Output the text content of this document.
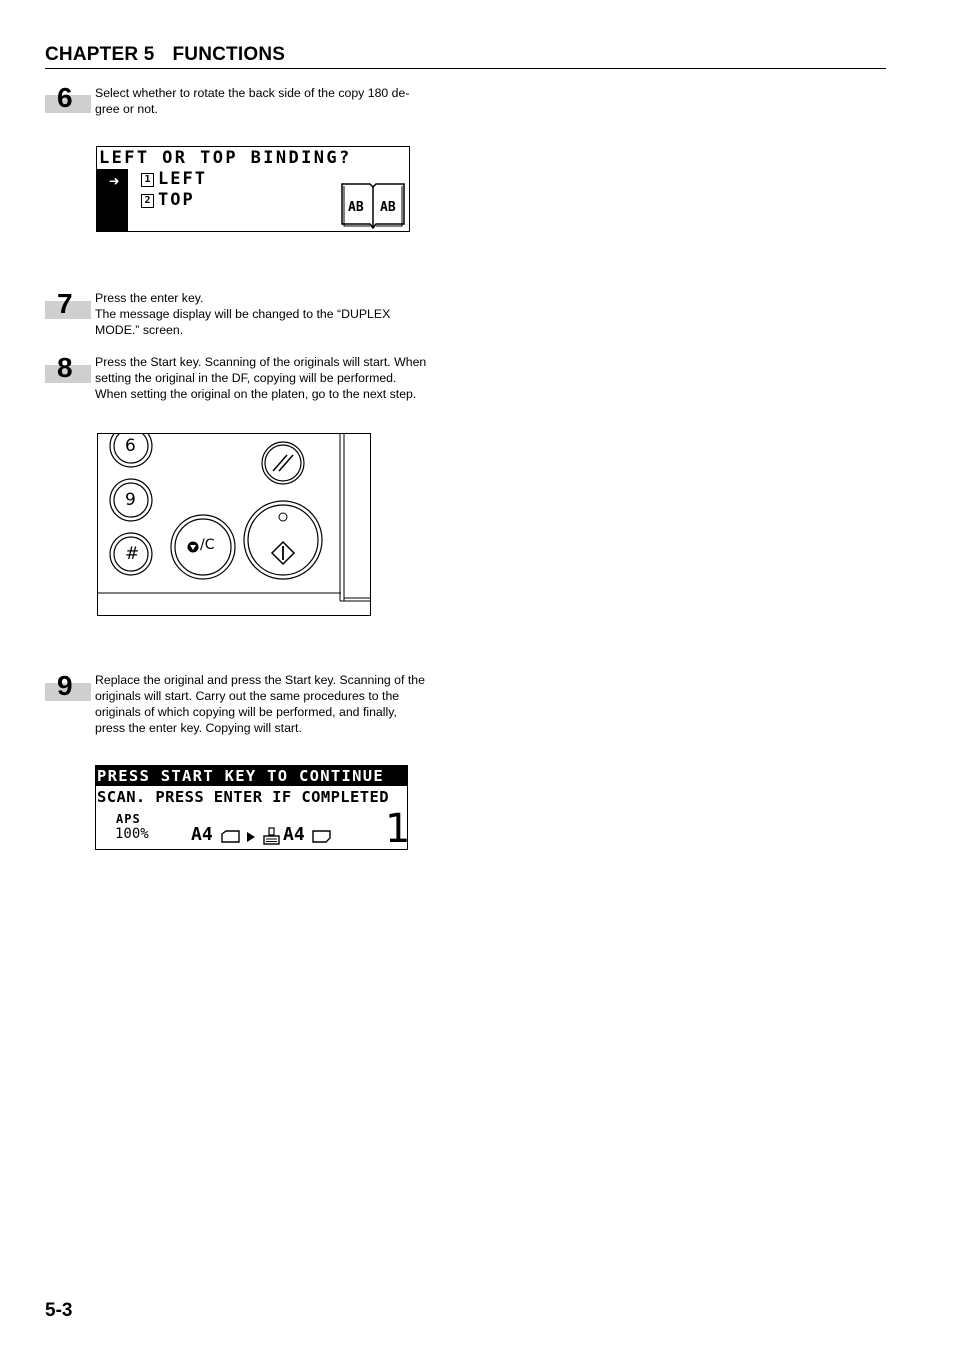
CHAPTER 5 FUNCTIONS
6 Select whether to rotate the back side of the copy 180 de-

gree or not.

➜
LEFT OR TOP BINDING?
1 LEFT
2 TOP	AB AB
7 Press the enter key.

The message display will be changed to the “DUPLEX

MODE.” screen.

8 Press the Start key. Scanning of the originals will start. When

setting the original in the DF, copying will be performed.

When setting the original on the platen, go to the next step.

6
9
#	/C
9 Replace the original and press the Start key. Scanning of the

originals will start. Carry out the same procedures to the

originals of which copying will be performed, and finally,

press the enter key. Copying will start.

PRESS START KEY TO CONTINUE
SCAN. PRESS ENTER IF COMPLETED
APS
100% A4	A4 1
5-3
